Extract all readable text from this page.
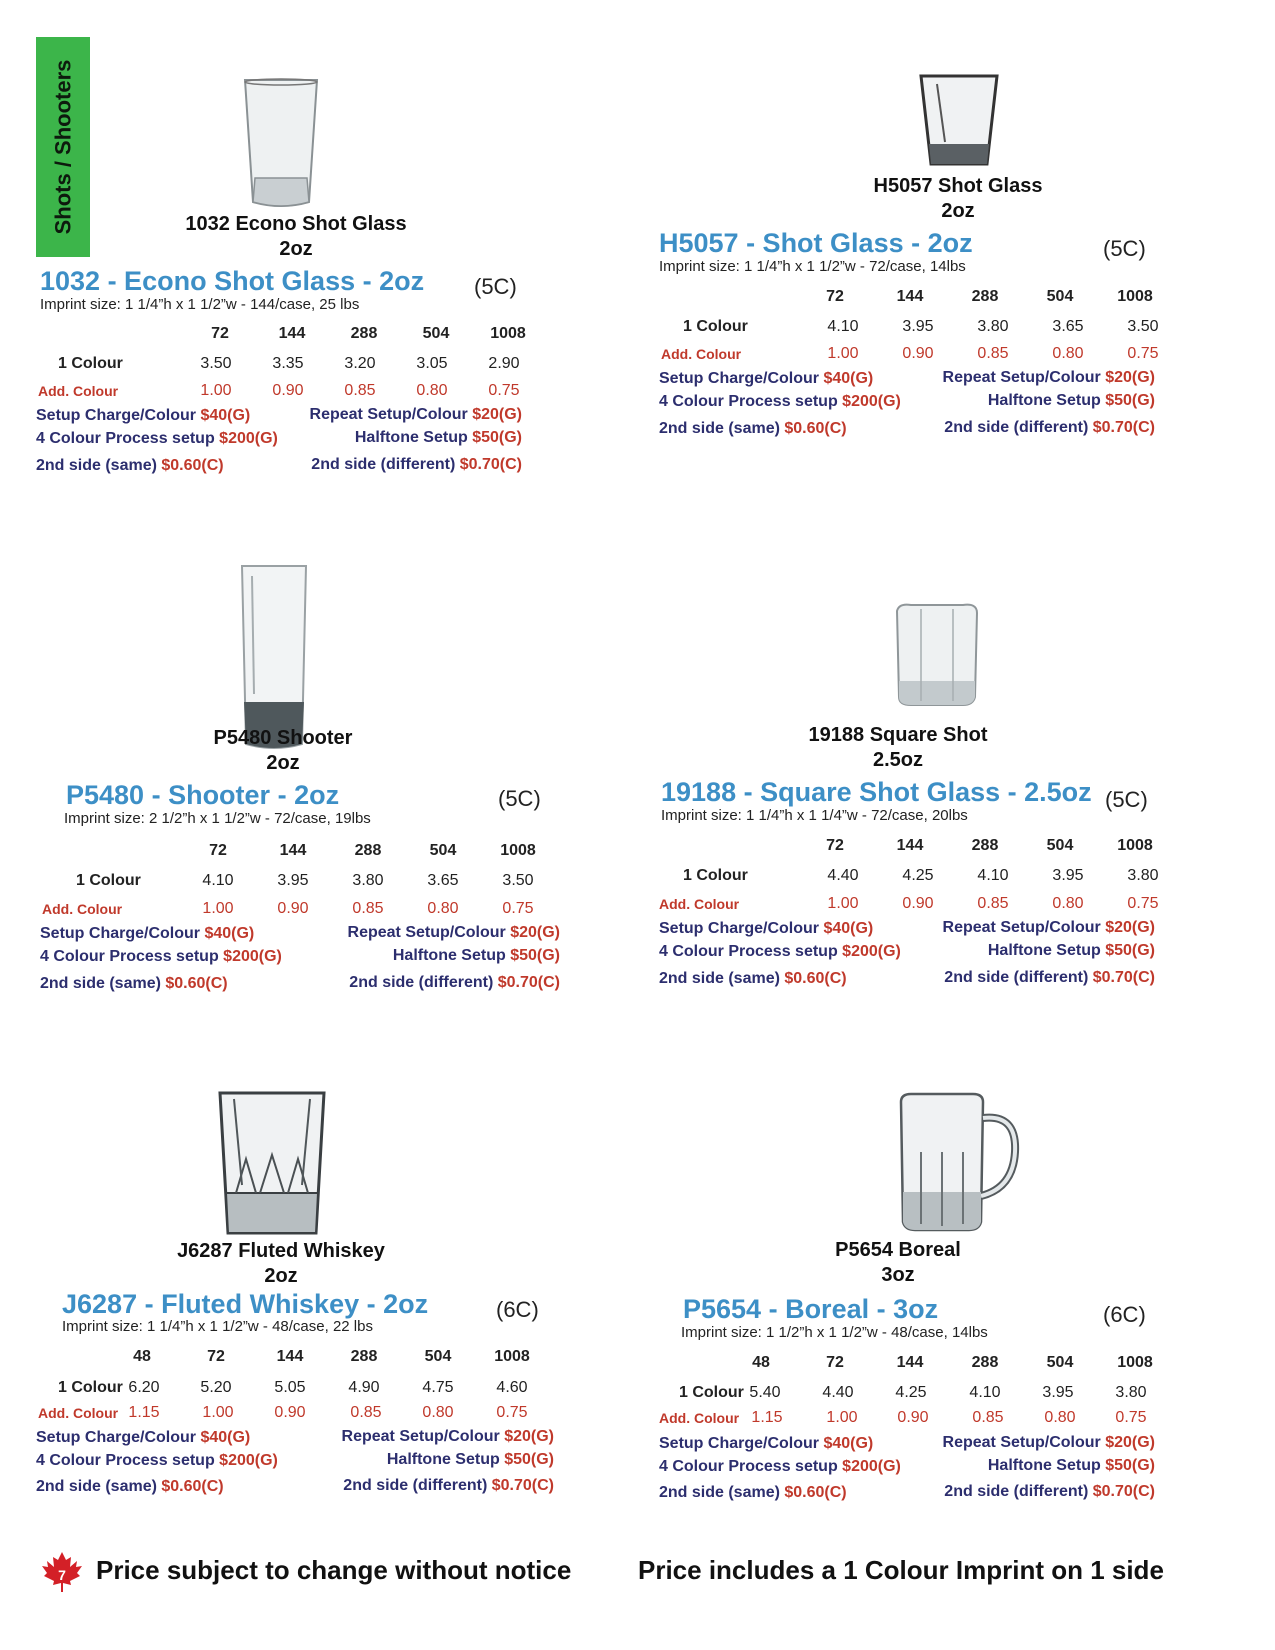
Shots / Shooters	1032 Econo Shot Glass
2oz
1032 - Econo Shot Glass - 2oz (5C)
Imprint size: 1 1/4”h x 1 1/2”w - 144/case, 25 lbs
72	144	288	504	1008
1 Colour	3.50	3.35	3.20	3.05	2.90
Add. Colour	1.00	0.90	0.85	0.80	0.75
Setup Charge/Colour $40(G)	Repeat Setup/Colour $20(G)
4 Colour Process setup $200(G)	Halftone Setup $50(G)
2nd side (same) $0.60(C)	2nd side (different) $0.70(C)
H5057 Shot Glass
2oz
H5057 - Shot Glass - 2oz	(5C)
Imprint size: 1 1/4”h x 1 1/2”w - 72/case, 14lbs
72	144	288	504	1008
1 Colour	4.10	3.95	3.80	3.65	3.50
Add. Colour	1.00	0.90	0.85	0.80	0.75
Setup Charge/Colour $40(G)	Repeat Setup/Colour $20(G)
4 Colour Process setup $200(G)	Halftone Setup $50(G)
2nd side (same) $0.60(C)	2nd side (different) $0.70(C)
P5480 Shooter
2oz
P5480 - Shooter - 2oz	(5C)
Imprint size: 2 1/2”h x 1 1/2”w - 72/case, 19lbs
72	144	288	504	1008
1 Colour	4.10	3.95	3.80	3.65	3.50
Add. Colour	1.00	0.90	0.85	0.80	0.75
Setup Charge/Colour $40(G)	Repeat Setup/Colour $20(G)
4 Colour Process setup $200(G)	Halftone Setup $50(G)
2nd side (same) $0.60(C)	2nd side (different) $0.70(C)
19188 Square Shot
2.5oz
19188 - Square Shot Glass - 2.5oz (5C)
Imprint size: 1 1/4”h x 1 1/4”w - 72/case, 20lbs
72	144	288	504	1008
1 Colour	4.40	4.25	4.10	3.95	3.80
Add. Colour	1.00	0.90	0.85	0.80	0.75
Setup Charge/Colour $40(G)	Repeat Setup/Colour $20(G)
4 Colour Process setup $200(G)	Halftone Setup $50(G)
2nd side (same) $0.60(C)	2nd side (different) $0.70(C)
J6287 Fluted Whiskey
2oz
J6287 - Fluted Whiskey - 2oz	(6C)
Imprint size: 1 1/4”h x 1 1/2”w - 48/case, 22 lbs
48	72	144	288	504	1008
1 Colour 6.20	5.20	5.05	4.90	4.75	4.60
Add. Colour 1.15	1.00	0.90	0.85	0.80	0.75
Setup Charge/Colour $40(G)	Repeat Setup/Colour $20(G)
4 Colour Process setup $200(G)	Halftone Setup $50(G)
2nd side (same) $0.60(C)	2nd side (different) $0.70(C)
P5654 Boreal
3oz
P5654 - Boreal - 3oz	(6C)
Imprint size: 1 1/2”h x 1 1/2”w - 48/case, 14lbs
48	72	144	288	504	1008
1 Colour 5.40	4.40	4.25	4.10	3.95	3.80
Add. Colour 1.15	1.00	0.90	0.85	0.80	0.75
Setup Charge/Colour $40(G)	Repeat Setup/Colour $20(G)
4 Colour Process setup $200(G)	Halftone Setup $50(G)
2nd side (same) $0.60(C)	2nd side (different) $0.70(C)
7 Price subject to change without notice	Price includes a 1 Colour Imprint on 1 side
